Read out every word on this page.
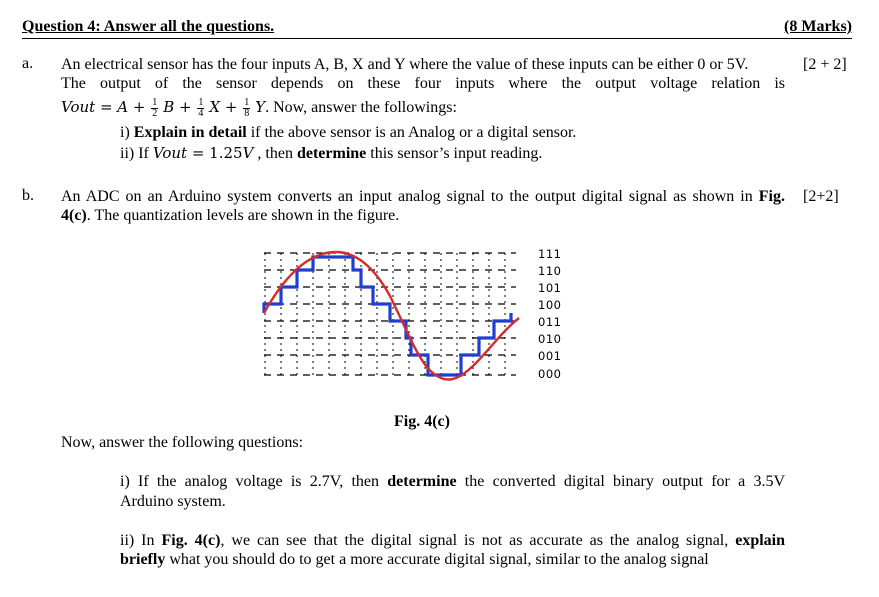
Question 4: Answer all the questions.	(8 Marks)
a. An electrical sensor has the four inputs A, B, X and Y where the value of these inputs can be either 0 or 5V.
The output of the sensor depends on these four inputs where the output voltage relation is
[2 + 2]
Vout = $A + \frac{1}{2}$ $B + \frac{1}{4}$ $X + \frac{1}{8} Y$. Now, answer the followings:
i) Explain in detail if the above sensor is an Analog or a digital sensor.
ii) If Vout = 1.25V , then determine this sensor’s input reading.
b. An ADC on an Arduino system converts an input analog signal to the output digital signal as shown in Fig.
4(c). The quantization levels are shown in the figure.
[2+2]
111
110
101
100
011
010
001
000
Fig. 4(c)
Now, answer the following questions:
i) If the analog voltage is 2.7V, then determine the converted digital binary output for a 3.5V
Arduino system.
ii) In Fig. 4(c), we can see that the digital signal is not as accurate as the analog signal, explain
briefly what you should do to get a more accurate digital signal, similar to the analog signal
